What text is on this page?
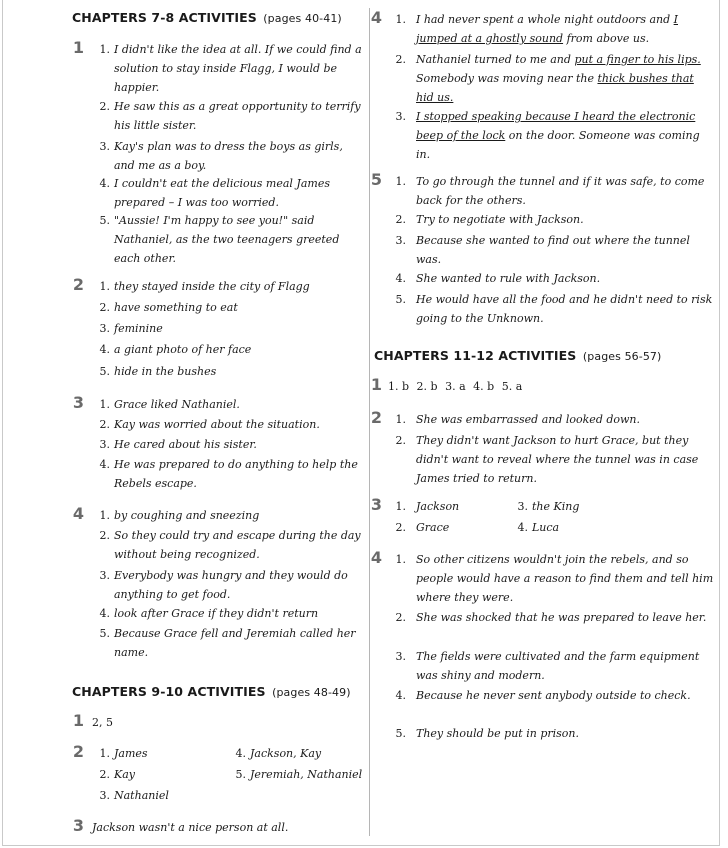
CHAPTERS 7-8 ACTIVITIES (pages 40-41)
1	1. I didn't like the idea at all. If we could find a solution to stay inside Flagg, I would be happier.
2. He saw this as a great opportunity to terrify his little sister.
3. Kay's plan was to dress the boys as girls, and me as a boy.
4. I couldn't eat the delicious meal James prepared – I was too worried.
5. "Aussie! I'm happy to see you!" said Nathaniel, as the two teenagers greeted each other.
2	1. they stayed inside the city of Flagg
2. have something to eat
3. feminine
4. a giant photo of her face
5. hide in the bushes
3	1. Grace liked Nathaniel.
2. Kay was worried about the situation.
3. He cared about his sister.
4. He was prepared to do anything to help the Rebels escape.
4	1. by coughing and sneezing
2. So they could try and escape during the day without being recognized.
3. Everybody was hungry and they would do anything to get food.
4. look after Grace if they didn't return
5. Because Grace fell and Jeremiah called her name.
CHAPTERS 9-10 ACTIVITIES (pages 48-49)
1 2, 5
2	1. James	4. Jackson, Kay
2. Kay	5. Jeremiah, Nathaniel
3. Nathaniel
3 Jackson wasn't a nice person at all.
4	1. I had never spent a whole night outdoors and I jumped at a ghostly sound from above us.
2. Nathaniel turned to me and put a finger to his lips. Somebody was moving near the thick bushes that hid us.
3. I stopped speaking because I heard the electronic beep of the lock on the door. Someone was coming in.
5	1. To go through the tunnel and if it was safe, to come back for the others.
2. Try to negotiate with Jackson.
3. Because she wanted to find out where the tunnel was.
4. She wanted to rule with Jackson.
5. He would have all the food and he didn't need to risk going to the Unknown.
CHAPTERS 11-12 ACTIVITIES (pages 56-57)
1 1. b 2. b 3. a 4. b 5. a
2	1. She was embarrassed and looked down.
2. They didn't want Jackson to hurt Grace, but they didn't want to reveal where the tunnel was in case James tried to return.
3	1. Jackson	3. the King
2. Grace	4. Luca
4	1. So other citizens wouldn't join the rebels, and so people would have a reason to find them and tell him where they were.
2. She was shocked that he was prepared to leave her.
3. The fields were cultivated and the farm equipment was shiny and modern.
4. Because he never sent anybody outside to check.
5. They should be put in prison.
